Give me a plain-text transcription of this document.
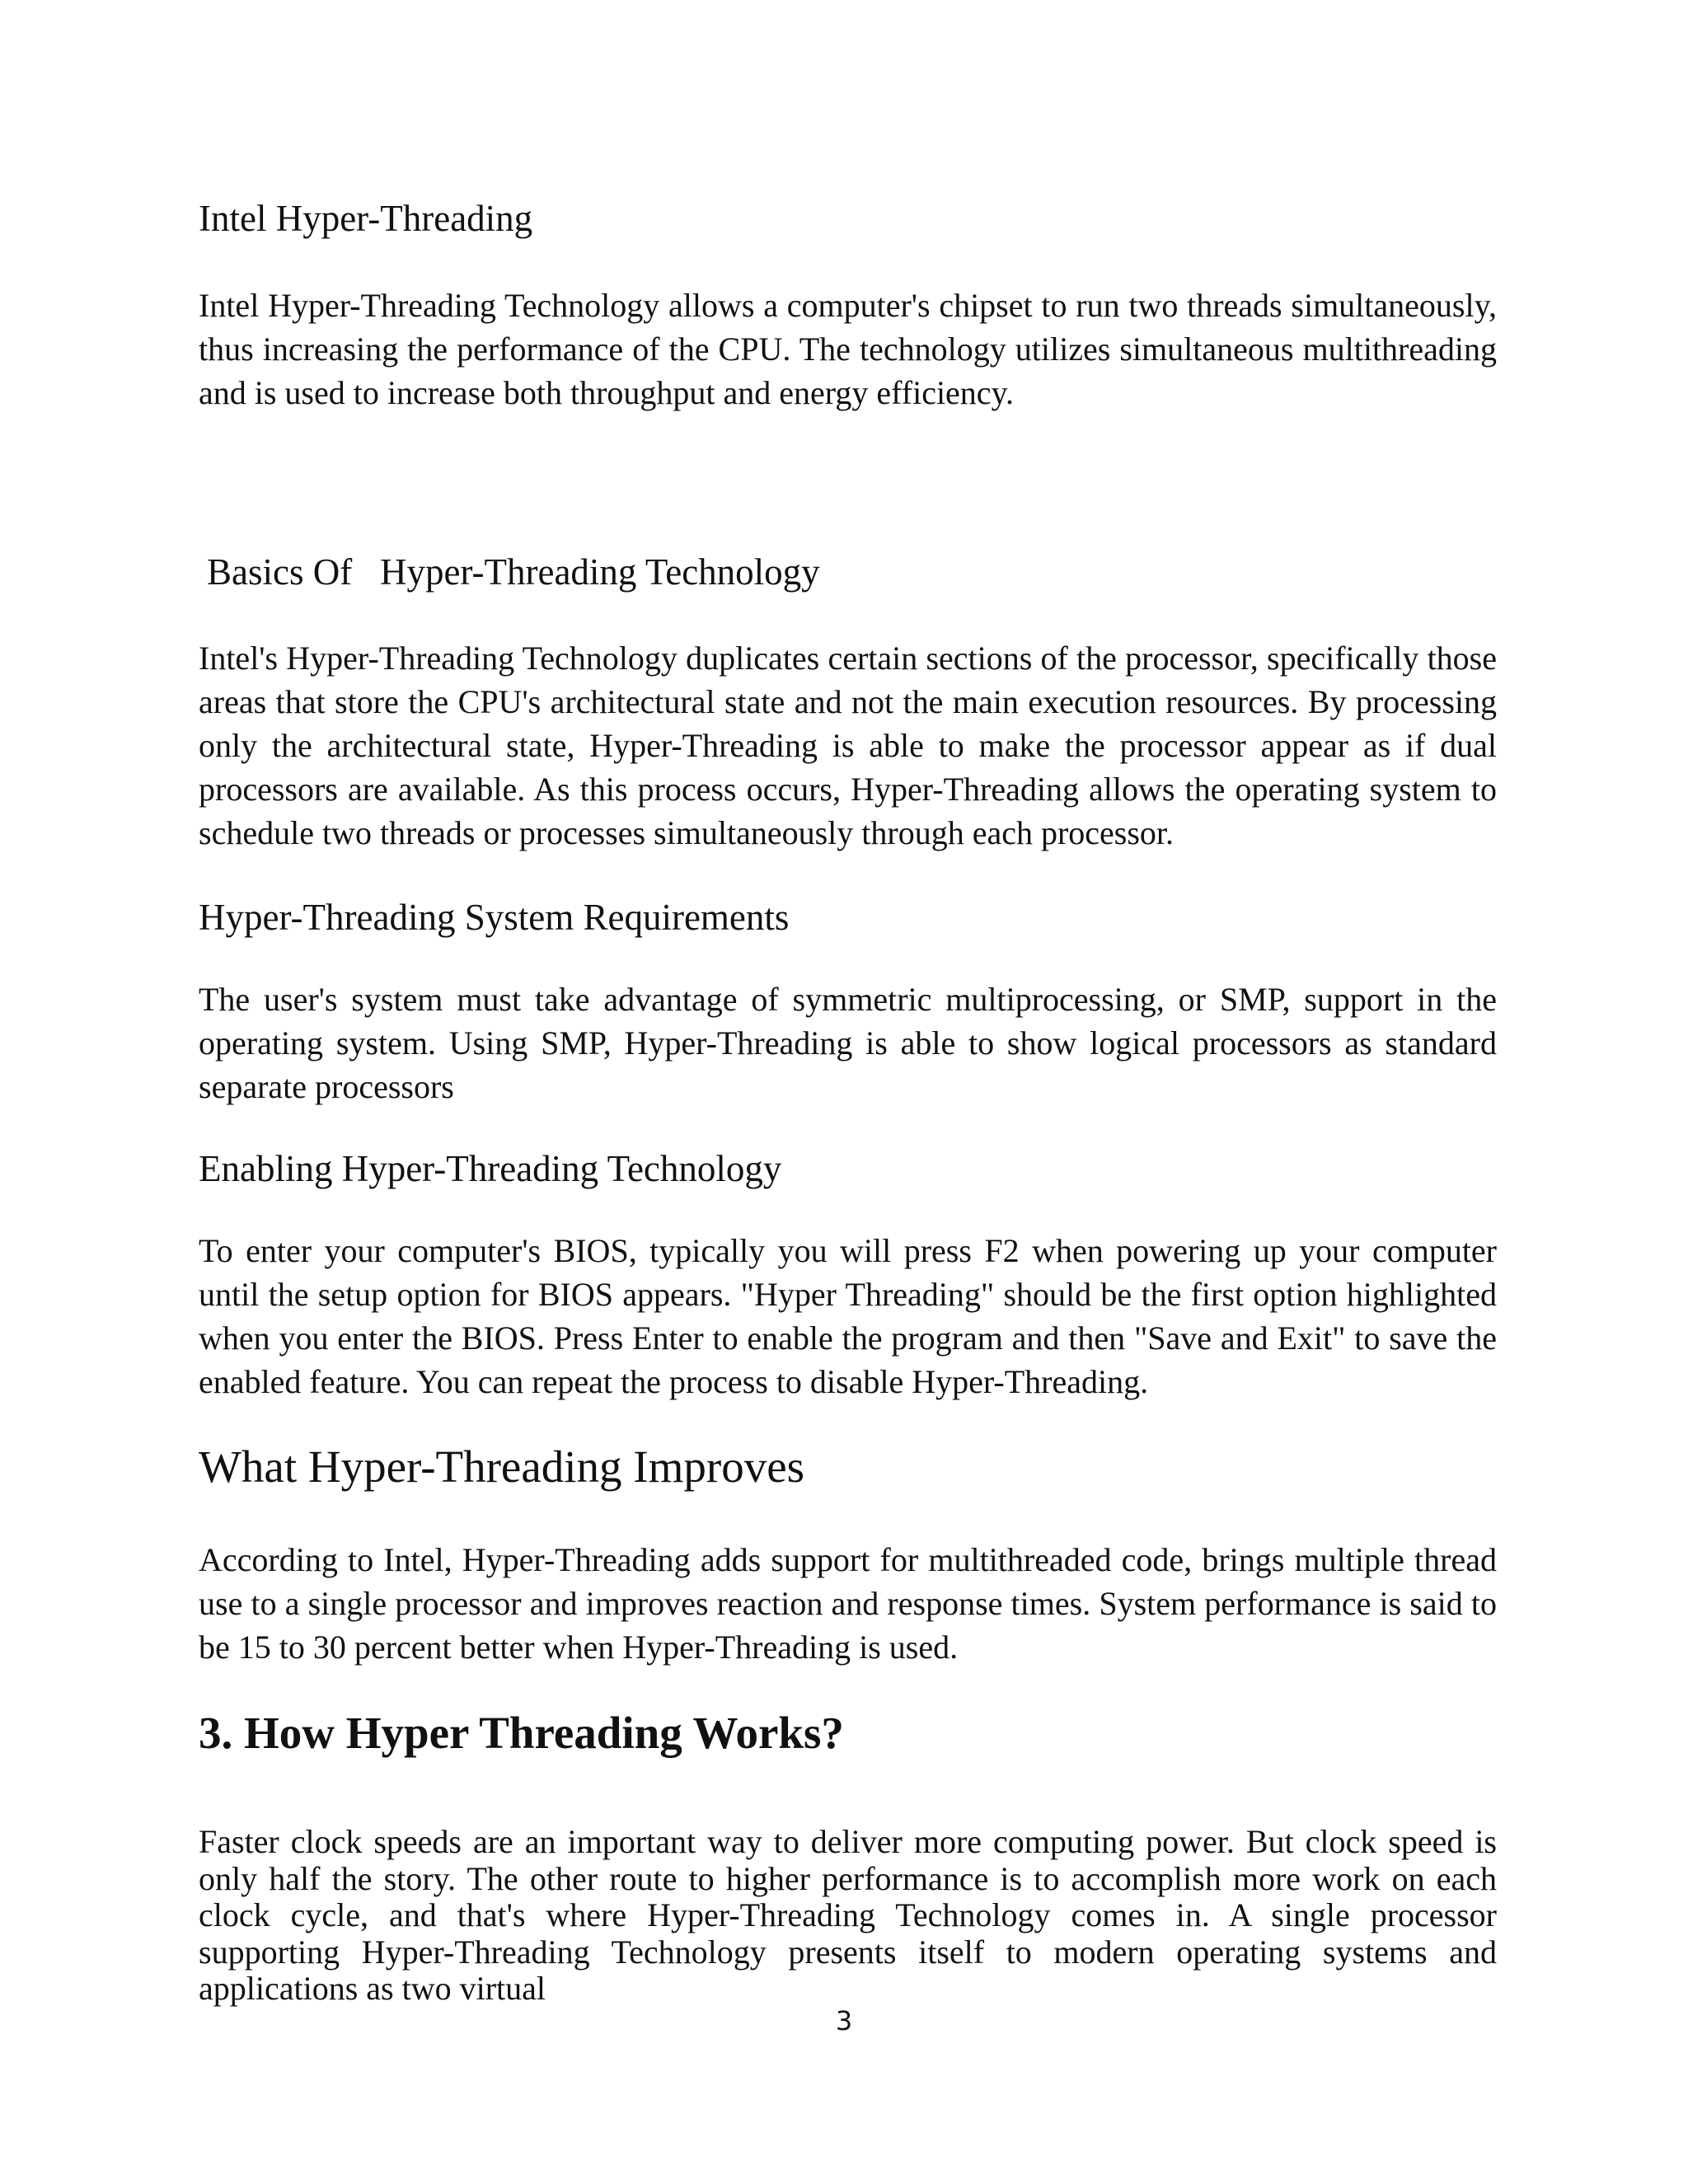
Intel Hyper-Threading

Intel Hyper-Threading Technology allows a computer's chipset to run two threads simultaneously, thus increasing the performance of the CPU. The technology utilizes simultaneous multithreading and is used to increase both throughput and energy efficiency.

Basics Of   Hyper-Threading Technology

Intel's Hyper-Threading Technology duplicates certain sections of the processor, specifically those areas that store the CPU's architectural state and not the main execution resources. By processing only the architectural state, Hyper-Threading is able to make the processor appear as if dual processors are available. As this process occurs, Hyper-Threading allows the operating system to schedule two threads or processes simultaneously through each processor.

Hyper-Threading System Requirements

The user's system must take advantage of symmetric multiprocessing, or SMP, support in the operating system. Using SMP, Hyper-Threading is able to show logical processors as standard separate processors

Enabling Hyper-Threading Technology

To enter your computer's BIOS, typically you will press F2 when powering up your computer until the setup option for BIOS appears. "Hyper Threading" should be the first option highlighted when you enter the BIOS. Press Enter to enable the program and then "Save and Exit" to save the enabled feature. You can repeat the process to disable Hyper-Threading.

What Hyper-Threading Improves

According to Intel, Hyper-Threading adds support for multithreaded code, brings multiple thread use to a single processor and improves reaction and response times. System performance is said to be 15 to 30 percent better when Hyper-Threading is used.

3. How Hyper Threading Works?

Faster clock speeds are an important way to deliver more computing power. But clock speed is only half the story. The other route to higher performance is to accomplish more work on each clock cycle, and that's where Hyper-Threading Technology comes in. A single processor supporting Hyper-Threading Technology presents itself to modern operating systems and applications as two virtual

3
